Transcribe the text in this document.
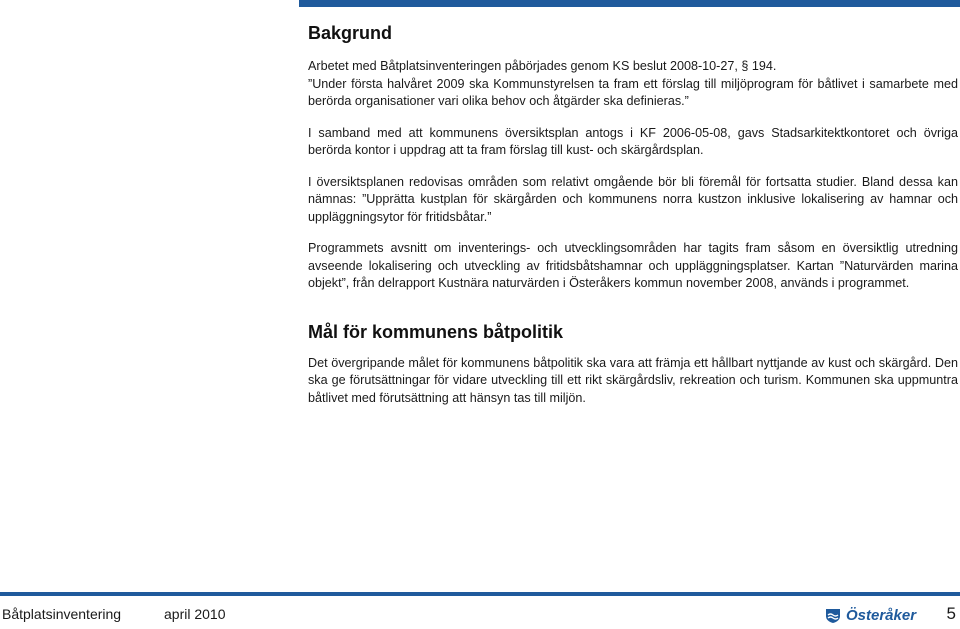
Bakgrund

Arbetet med Båtplatsinventeringen påbörjades genom KS beslut 2008-10-27, § 194.
”Under första halvåret 2009 ska Kommunstyrelsen ta fram ett förslag till miljöprogram för båtlivet i samarbete med berörda organisationer vari olika behov och åtgärder ska definieras.”

I samband med att kommunens översiktsplan antogs i KF 2006-05-08, gavs Stadsarkitektkontoret och övriga berörda kontor i uppdrag att ta fram förslag till kust- och skärgårdsplan.

I översiktsplanen redovisas områden som relativt omgående bör bli föremål för fortsatta studier. Bland dessa kan nämnas: ”Upprätta kustplan för skärgården och kommunens norra kustzon inklusive lokalisering av hamnar och uppläggningsytor för fritidsbåtar.”

Programmets avsnitt om inventerings- och utvecklingsområden har tagits fram såsom en översiktlig utredning avseende lokalisering och utveckling av fritidsbåtshamnar och uppläggningsplatser. Kartan ”Naturvärden marina objekt”, från delrapport Kustnära naturvärden i Österåkers kommun november 2008, används i programmet.

Mål för kommunens båtpolitik

Det övergripande målet för kommunens båtpolitik ska vara att främja ett hållbart nyttjande av kust och skärgård. Den ska ge förutsättningar för vidare utveckling till ett rikt skärgårdsliv, rekreation och turism. Kommunen ska uppmuntra båtlivet med förutsättning att hänsyn tas till miljön.

Båtplatsinventering	april 2010	Österåker 5
